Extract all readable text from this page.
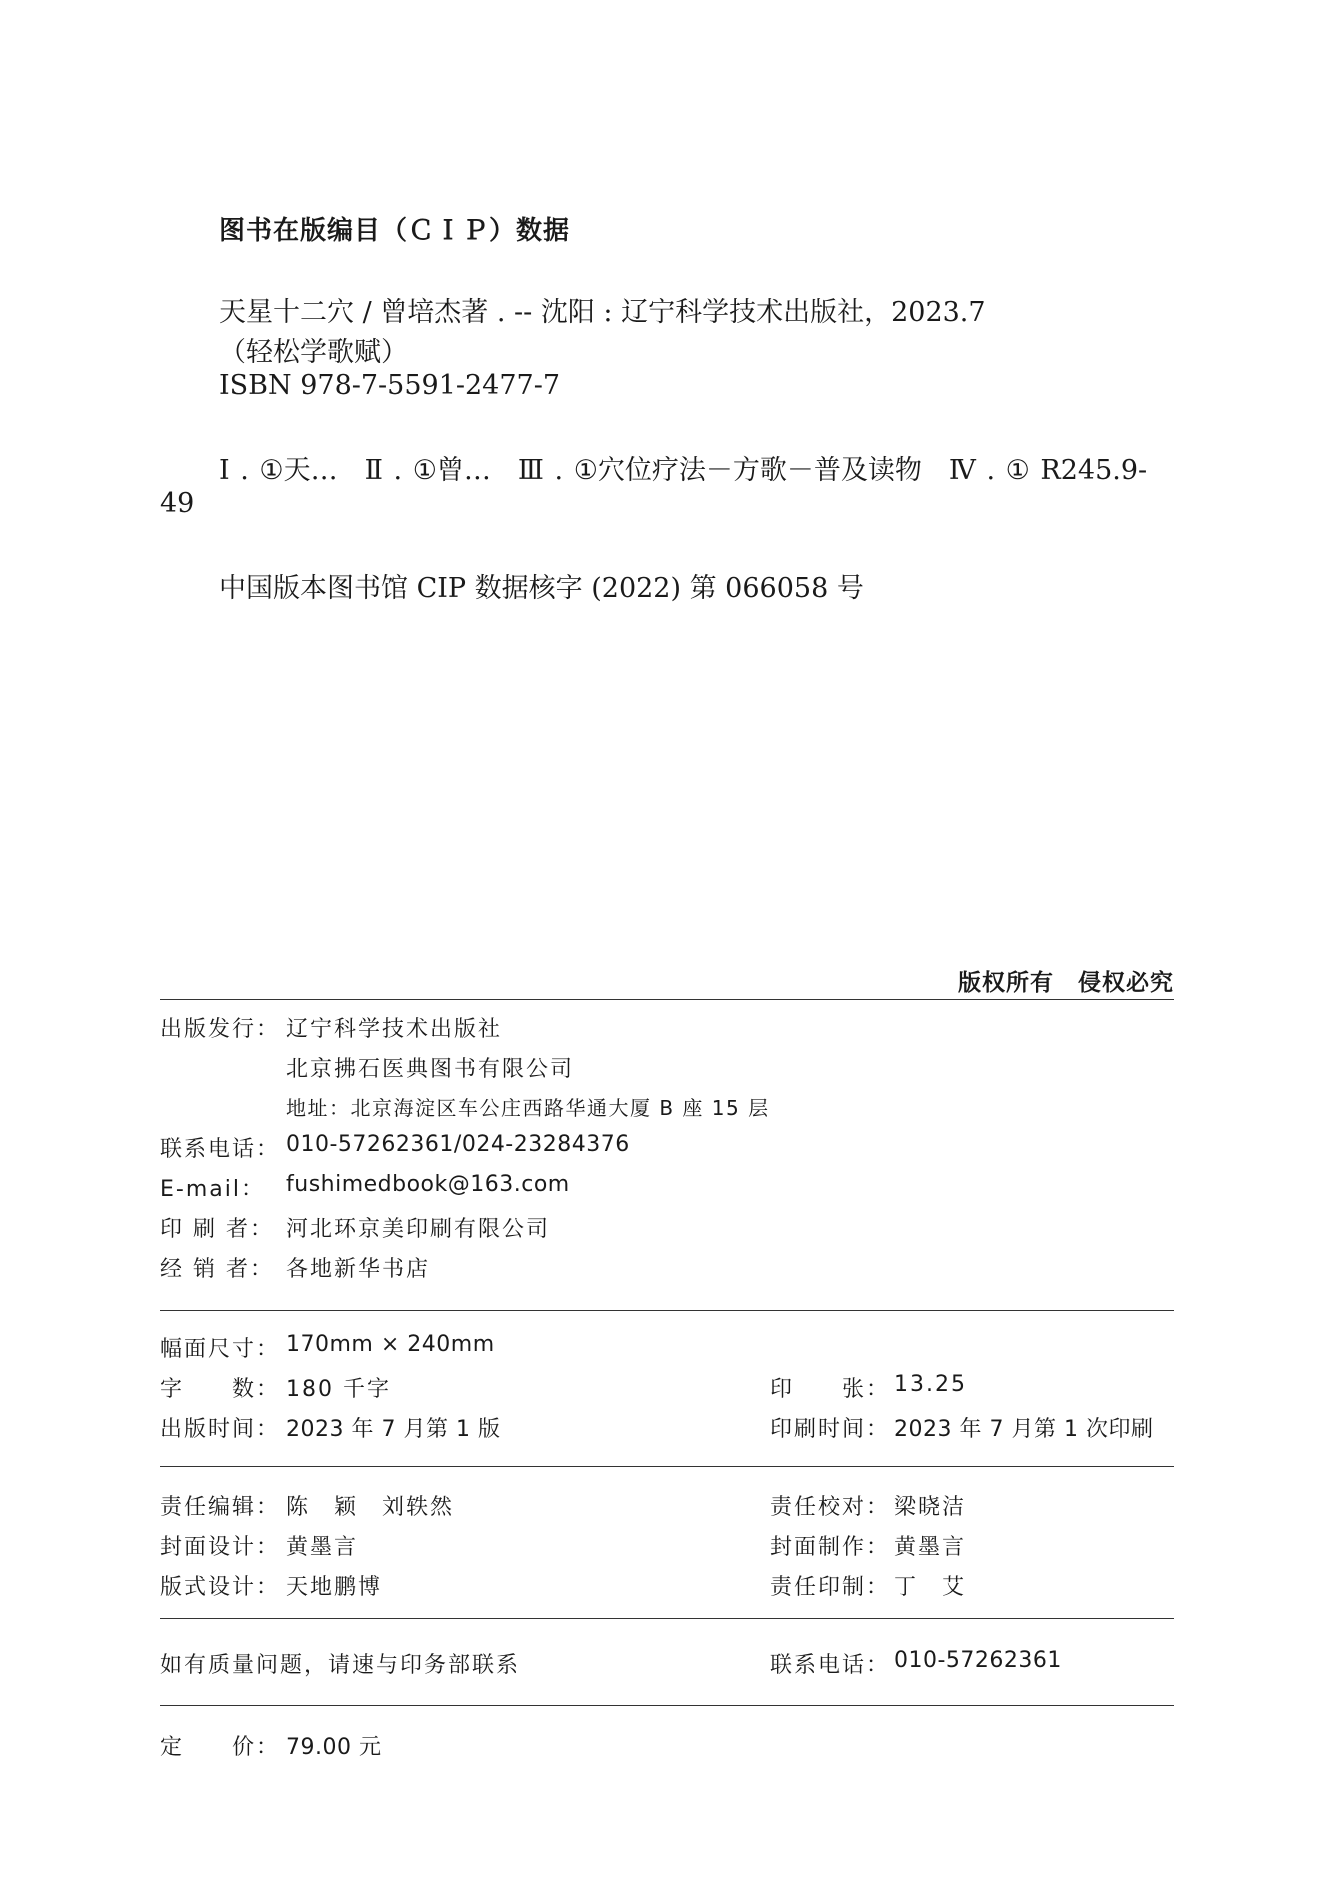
图书在版编目（ＣＩＰ）数据
天星十二穴 / 曾培杰著 . -- 沈阳 : 辽宁科学技术出版社，2023.7
（轻松学歌赋）
ISBN 978-7-5591-2477-7
Ⅰ . ①天…　Ⅱ . ①曾…　Ⅲ . ①穴位疗法－方歌－普及读物　Ⅳ . ① R245.9-
49
中国版本图书馆 CIP 数据核字 (2022) 第 066058 号
版权所有　侵权必究
出版发行： 辽宁科学技术出版社
北京拂石医典图书有限公司
地址：北京海淀区车公庄西路华通大厦 B 座 15 层
联系电话： 010-57262361/024-23284376
E-mail： fushimedbook@163.com
印 刷 者： 河北环京美印刷有限公司
经 销 者： 各地新华书店
幅面尺寸： 170mm × 240mm
字　　数： 180 千字	印　　张： 13.25
出版时间： 2023 年 7 月第 1 版	印刷时间： 2023 年 7 月第 1 次印刷
责任编辑： 陈　颖　刘轶然	责任校对： 梁晓洁
封面设计： 黄墨言	封面制作： 黄墨言
版式设计： 天地鹏博	责任印制： 丁　艾
如有质量问题，请速与印务部联系	联系电话： 010-57262361
定　　价： 79.00 元
